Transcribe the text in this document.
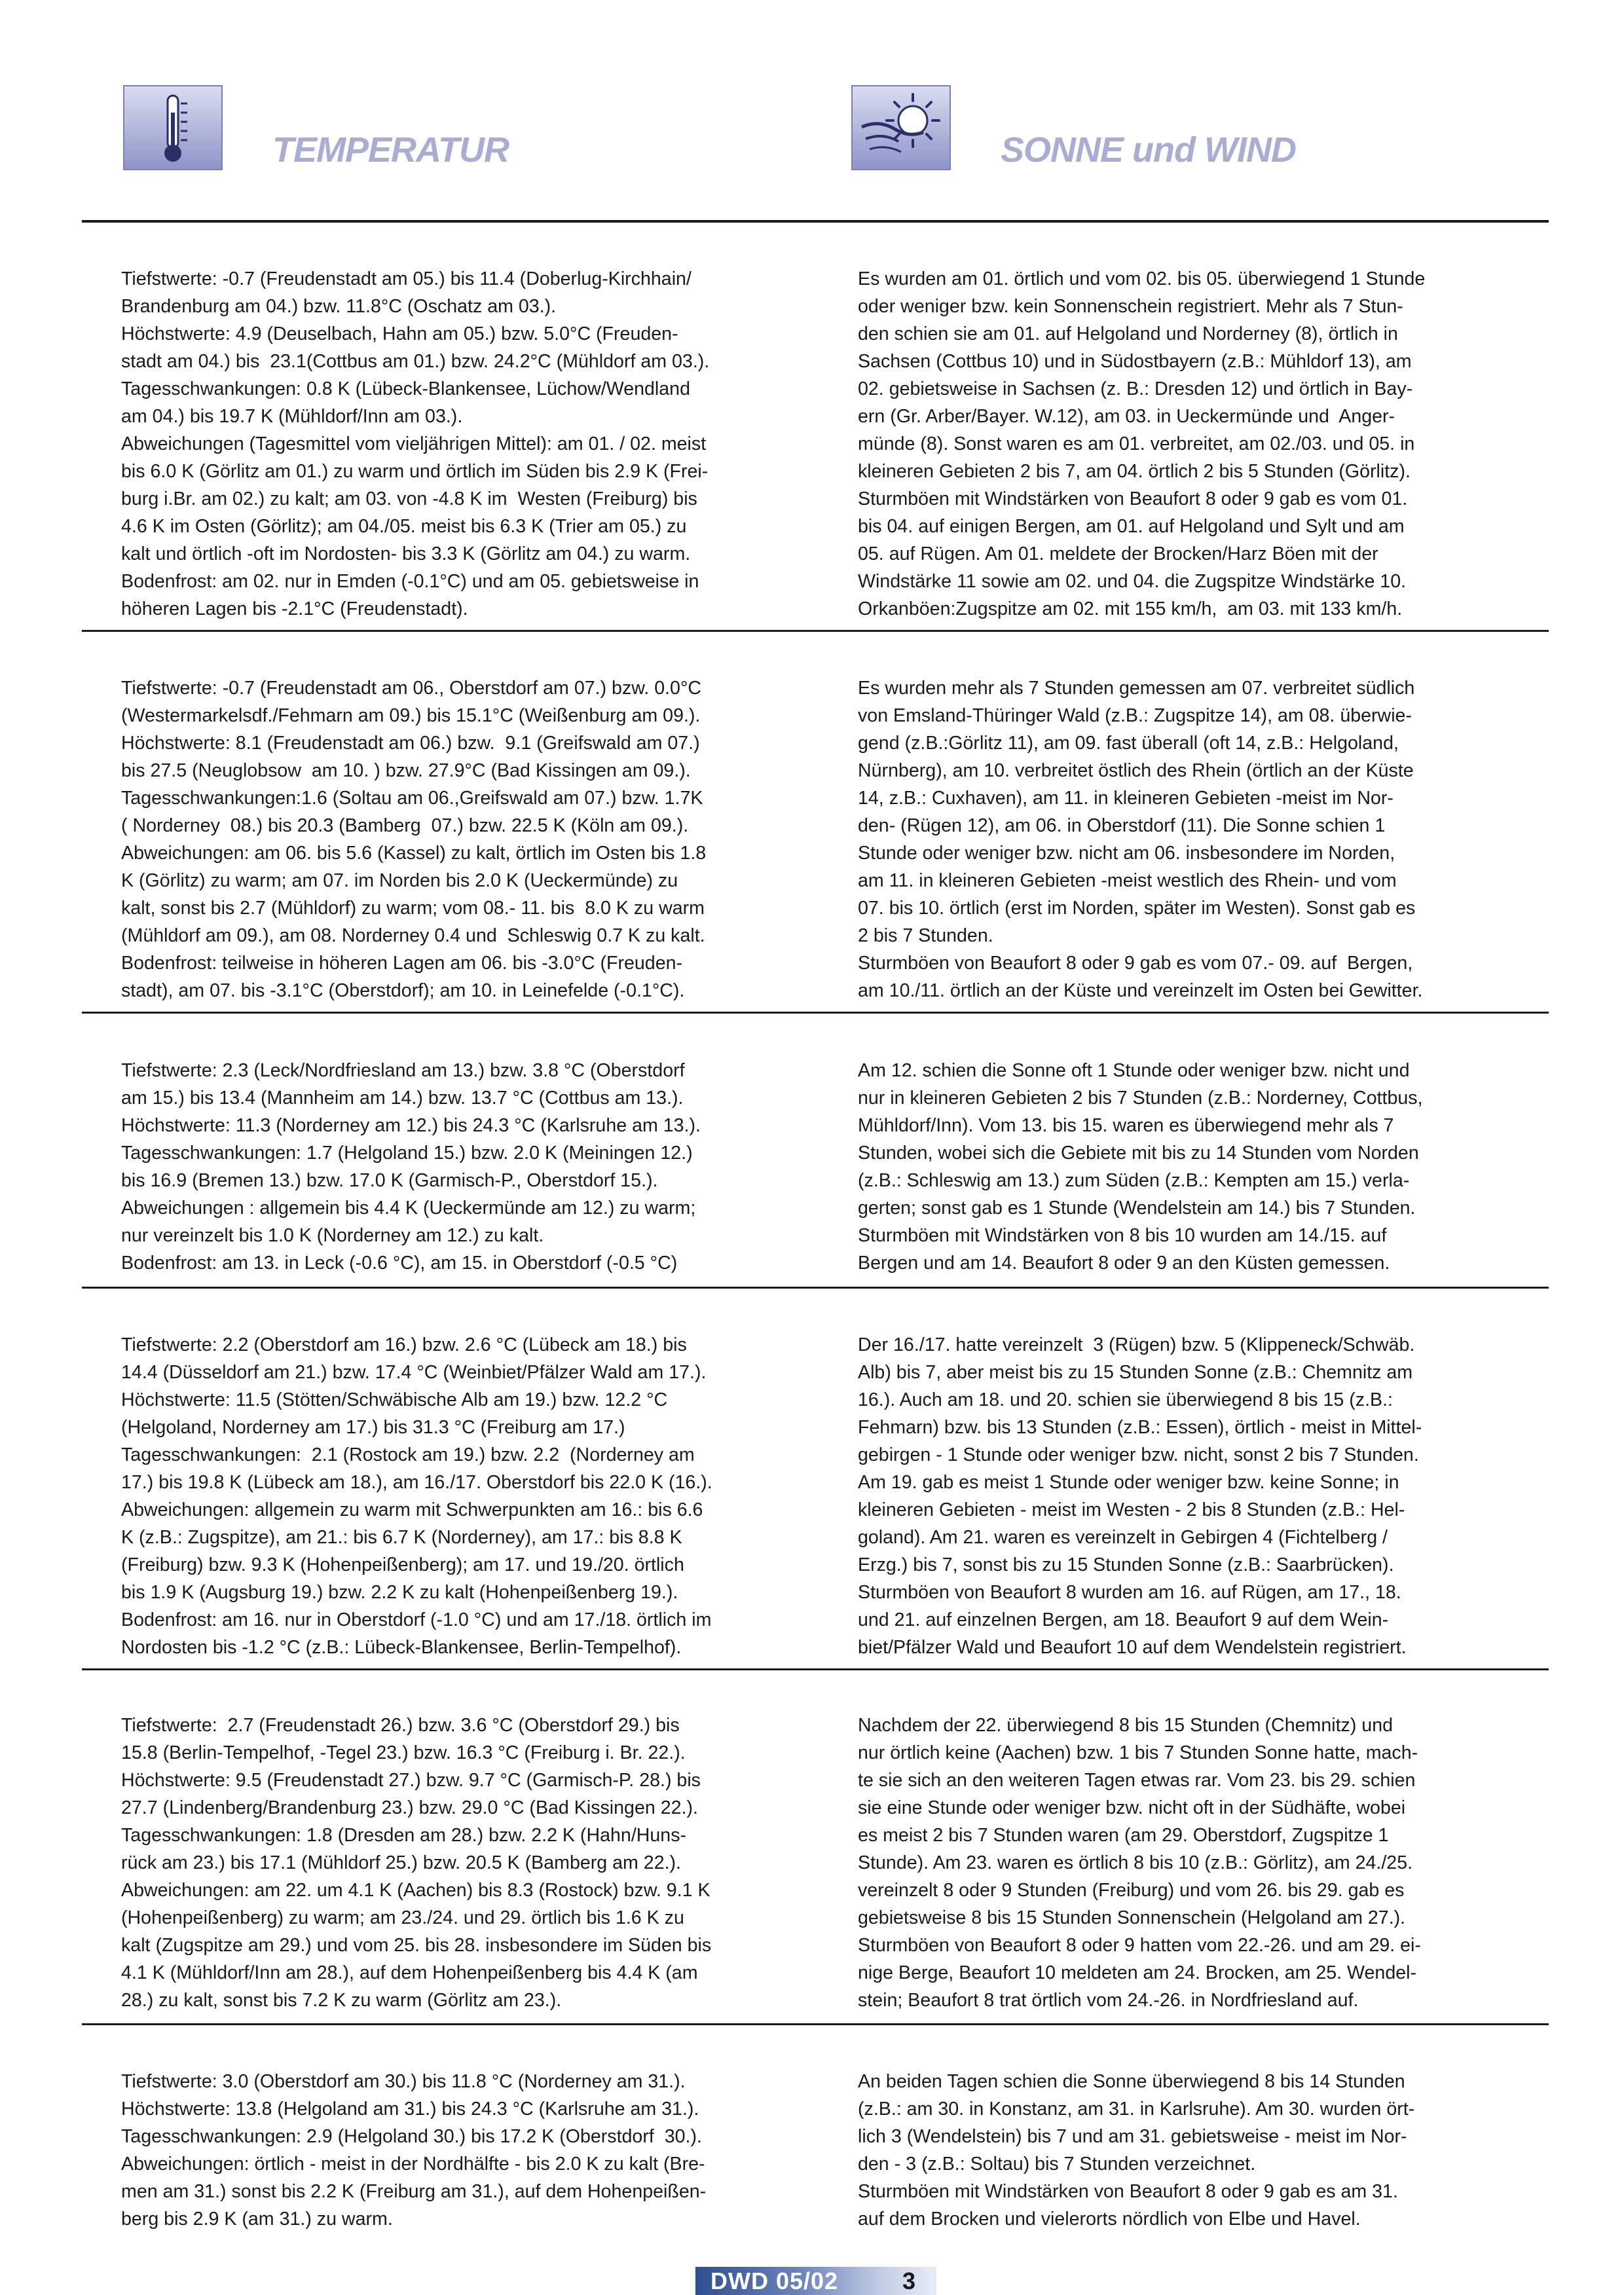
TEMPERATUR	SONNE und WIND
Tiefstwerte: -0.7 (Freudenstadt am 05.) bis 11.4 (Doberlug-Kirchhain/
Brandenburg am 04.) bzw. 11.8°C (Oschatz am 03.).
Höchstwerte: 4.9 (Deuselbach, Hahn am 05.) bzw. 5.0°C (Freuden-
stadt am 04.) bis  23.1(Cottbus am 01.) bzw. 24.2°C (Mühldorf am 03.).
Tagesschwankungen: 0.8 K (Lübeck-Blankensee, Lüchow/Wendland
am 04.) bis 19.7 K (Mühldorf/Inn am 03.).
Abweichungen (Tagesmittel vom vieljährigen Mittel): am 01. / 02. meist
bis 6.0 K (Görlitz am 01.) zu warm und örtlich im Süden bis 2.9 K (Frei-
burg i.Br. am 02.) zu kalt; am 03. von -4.8 K im  Westen (Freiburg) bis
4.6 K im Osten (Görlitz); am 04./05. meist bis 6.3 K (Trier am 05.) zu
kalt und örtlich -oft im Nordosten- bis 3.3 K (Görlitz am 04.) zu warm.
Bodenfrost: am 02. nur in Emden (-0.1°C) und am 05. gebietsweise in
höheren Lagen bis -2.1°C (Freudenstadt).
Es wurden am 01. örtlich und vom 02. bis 05. überwiegend 1 Stunde
oder weniger bzw. kein Sonnenschein registriert. Mehr als 7 Stun-
den schien sie am 01. auf Helgoland und Norderney (8), örtlich in
Sachsen (Cottbus 10) und in Südostbayern (z.B.: Mühldorf 13), am
02. gebietsweise in Sachsen (z. B.: Dresden 12) und örtlich in Bay-
ern (Gr. Arber/Bayer. W.12), am 03. in Ueckermünde und  Anger-
münde (8). Sonst waren es am 01. verbreitet, am 02./03. und 05. in
kleineren Gebieten 2 bis 7, am 04. örtlich 2 bis 5 Stunden (Görlitz).
Sturmböen mit Windstärken von Beaufort 8 oder 9 gab es vom 01.
bis 04. auf einigen Bergen, am 01. auf Helgoland und Sylt und am
05. auf Rügen. Am 01. meldete der Brocken/Harz Böen mit der
Windstärke 11 sowie am 02. und 04. die Zugspitze Windstärke 10.
Orkanböen:Zugspitze am 02. mit 155 km/h,  am 03. mit 133 km/h.
Tiefstwerte: -0.7 (Freudenstadt am 06., Oberstdorf am 07.) bzw. 0.0°C
(Westermarkelsdf./Fehmarn am 09.) bis 15.1°C (Weißenburg am 09.).
Höchstwerte: 8.1 (Freudenstadt am 06.) bzw.  9.1 (Greifswald am 07.)
bis 27.5 (Neuglobsow  am 10. ) bzw. 27.9°C (Bad Kissingen am 09.).
Tagesschwankungen:1.6 (Soltau am 06.,Greifswald am 07.) bzw. 1.7K
( Norderney  08.) bis 20.3 (Bamberg  07.) bzw. 22.5 K (Köln am 09.).
Abweichungen: am 06. bis 5.6 (Kassel) zu kalt, örtlich im Osten bis 1.8
K (Görlitz) zu warm; am 07. im Norden bis 2.0 K (Ueckermünde) zu
kalt, sonst bis 2.7 (Mühldorf) zu warm; vom 08.- 11. bis  8.0 K zu warm
(Mühldorf am 09.), am 08. Norderney 0.4 und  Schleswig 0.7 K zu kalt.
Bodenfrost: teilweise in höheren Lagen am 06. bis -3.0°C (Freuden-
stadt), am 07. bis -3.1°C (Oberstdorf); am 10. in Leinefelde (-0.1°C).
Es wurden mehr als 7 Stunden gemessen am 07. verbreitet südlich
von Emsland-Thüringer Wald (z.B.: Zugspitze 14), am 08. überwie-
gend (z.B.:Görlitz 11), am 09. fast überall (oft 14, z.B.: Helgoland,
Nürnberg), am 10. verbreitet östlich des Rhein (örtlich an der Küste
14, z.B.: Cuxhaven), am 11. in kleineren Gebieten -meist im Nor-
den- (Rügen 12), am 06. in Oberstdorf (11). Die Sonne schien 1
Stunde oder weniger bzw. nicht am 06. insbesondere im Norden,
am 11. in kleineren Gebieten -meist westlich des Rhein- und vom
07. bis 10. örtlich (erst im Norden, später im Westen). Sonst gab es
2 bis 7 Stunden.
Sturmböen von Beaufort 8 oder 9 gab es vom 07.- 09. auf  Bergen,
am 10./11. örtlich an der Küste und vereinzelt im Osten bei Gewitter.
Tiefstwerte: 2.3 (Leck/Nordfriesland am 13.) bzw. 3.8 °C (Oberstdorf
am 15.) bis 13.4 (Mannheim am 14.) bzw. 13.7 °C (Cottbus am 13.).
Höchstwerte: 11.3 (Norderney am 12.) bis 24.3 °C (Karlsruhe am 13.).
Tagesschwankungen: 1.7 (Helgoland 15.) bzw. 2.0 K (Meiningen 12.)
bis 16.9 (Bremen 13.) bzw. 17.0 K (Garmisch-P., Oberstdorf 15.).
Abweichungen : allgemein bis 4.4 K (Ueckermünde am 12.) zu warm;
nur vereinzelt bis 1.0 K (Norderney am 12.) zu kalt.
Bodenfrost: am 13. in Leck (-0.6 °C), am 15. in Oberstdorf (-0.5 °C)
Am 12. schien die Sonne oft 1 Stunde oder weniger bzw. nicht und
nur in kleineren Gebieten 2 bis 7 Stunden (z.B.: Norderney, Cottbus,
Mühldorf/Inn). Vom 13. bis 15. waren es überwiegend mehr als 7
Stunden, wobei sich die Gebiete mit bis zu 14 Stunden vom Norden
(z.B.: Schleswig am 13.) zum Süden (z.B.: Kempten am 15.) verla-
gerten; sonst gab es 1 Stunde (Wendelstein am 14.) bis 7 Stunden.
Sturmböen mit Windstärken von 8 bis 10 wurden am 14./15. auf
Bergen und am 14. Beaufort 8 oder 9 an den Küsten gemessen.
Tiefstwerte: 2.2 (Oberstdorf am 16.) bzw. 2.6 °C (Lübeck am 18.) bis
14.4 (Düsseldorf am 21.) bzw. 17.4 °C (Weinbiet/Pfälzer Wald am 17.).
Höchstwerte: 11.5 (Stötten/Schwäbische Alb am 19.) bzw. 12.2 °C
(Helgoland, Norderney am 17.) bis 31.3 °C (Freiburg am 17.)
Tagesschwankungen:  2.1 (Rostock am 19.) bzw. 2.2  (Norderney am
17.) bis 19.8 K (Lübeck am 18.), am 16./17. Oberstdorf bis 22.0 K (16.).
Abweichungen: allgemein zu warm mit Schwerpunkten am 16.: bis 6.6
K (z.B.: Zugspitze), am 21.: bis 6.7 K (Norderney), am 17.: bis 8.8 K
(Freiburg) bzw. 9.3 K (Hohenpeißenberg); am 17. und 19./20. örtlich
bis 1.9 K (Augsburg 19.) bzw. 2.2 K zu kalt (Hohenpeißenberg 19.).
Bodenfrost: am 16. nur in Oberstdorf (-1.0 °C) und am 17./18. örtlich im
Nordosten bis -1.2 °C (z.B.: Lübeck-Blankensee, Berlin-Tempelhof).
Der 16./17. hatte vereinzelt  3 (Rügen) bzw. 5 (Klippeneck/Schwäb.
Alb) bis 7, aber meist bis zu 15 Stunden Sonne (z.B.: Chemnitz am
16.). Auch am 18. und 20. schien sie überwiegend 8 bis 15 (z.B.:
Fehmarn) bzw. bis 13 Stunden (z.B.: Essen), örtlich - meist in Mittel-
gebirgen - 1 Stunde oder weniger bzw. nicht, sonst 2 bis 7 Stunden.
Am 19. gab es meist 1 Stunde oder weniger bzw. keine Sonne; in
kleineren Gebieten - meist im Westen - 2 bis 8 Stunden (z.B.: Hel-
goland). Am 21. waren es vereinzelt in Gebirgen 4 (Fichtelberg /
Erzg.) bis 7, sonst bis zu 15 Stunden Sonne (z.B.: Saarbrücken).
Sturmböen von Beaufort 8 wurden am 16. auf Rügen, am 17., 18.
und 21. auf einzelnen Bergen, am 18. Beaufort 9 auf dem Wein-
biet/Pfälzer Wald und Beaufort 10 auf dem Wendelstein registriert.
Tiefstwerte:  2.7 (Freudenstadt 26.) bzw. 3.6 °C (Oberstdorf 29.) bis
15.8 (Berlin-Tempelhof, -Tegel 23.) bzw. 16.3 °C (Freiburg i. Br. 22.).
Höchstwerte: 9.5 (Freudenstadt 27.) bzw. 9.7 °C (Garmisch-P. 28.) bis
27.7 (Lindenberg/Brandenburg 23.) bzw. 29.0 °C (Bad Kissingen 22.).
Tagesschwankungen: 1.8 (Dresden am 28.) bzw. 2.2 K (Hahn/Huns-
rück am 23.) bis 17.1 (Mühldorf 25.) bzw. 20.5 K (Bamberg am 22.).
Abweichungen: am 22. um 4.1 K (Aachen) bis 8.3 (Rostock) bzw. 9.1 K
(Hohenpeißenberg) zu warm; am 23./24. und 29. örtlich bis 1.6 K zu
kalt (Zugspitze am 29.) und vom 25. bis 28. insbesondere im Süden bis
4.1 K (Mühldorf/Inn am 28.), auf dem Hohenpeißenberg bis 4.4 K (am
28.) zu kalt, sonst bis 7.2 K zu warm (Görlitz am 23.).
Nachdem der 22. überwiegend 8 bis 15 Stunden (Chemnitz) und
nur örtlich keine (Aachen) bzw. 1 bis 7 Stunden Sonne hatte, mach-
te sie sich an den weiteren Tagen etwas rar. Vom 23. bis 29. schien
sie eine Stunde oder weniger bzw. nicht oft in der Südhäfte, wobei
es meist 2 bis 7 Stunden waren (am 29. Oberstdorf, Zugspitze 1
Stunde). Am 23. waren es örtlich 8 bis 10 (z.B.: Görlitz), am 24./25.
vereinzelt 8 oder 9 Stunden (Freiburg) und vom 26. bis 29. gab es
gebietsweise 8 bis 15 Stunden Sonnenschein (Helgoland am 27.).
Sturmböen von Beaufort 8 oder 9 hatten vom 22.-26. und am 29. ei-
nige Berge, Beaufort 10 meldeten am 24. Brocken, am 25. Wendel-
stein; Beaufort 8 trat örtlich vom 24.-26. in Nordfriesland auf.
Tiefstwerte: 3.0 (Oberstdorf am 30.) bis 11.8 °C (Norderney am 31.).
Höchstwerte: 13.8 (Helgoland am 31.) bis 24.3 °C (Karlsruhe am 31.).
Tagesschwankungen: 2.9 (Helgoland 30.) bis 17.2 K (Oberstdorf  30.).
Abweichungen: örtlich - meist in der Nordhälfte - bis 2.0 K zu kalt (Bre-
men am 31.) sonst bis 2.2 K (Freiburg am 31.), auf dem Hohenpeißen-
berg bis 2.9 K (am 31.) zu warm.
An beiden Tagen schien die Sonne überwiegend 8 bis 14 Stunden
(z.B.: am 30. in Konstanz, am 31. in Karlsruhe). Am 30. wurden ört-
lich 3 (Wendelstein) bis 7 und am 31. gebietsweise - meist im Nor-
den - 3 (z.B.: Soltau) bis 7 Stunden verzeichnet.
Sturmböen mit Windstärken von Beaufort 8 oder 9 gab es am 31.
auf dem Brocken und vielerorts nördlich von Elbe und Havel.
DWD 05/02	3
